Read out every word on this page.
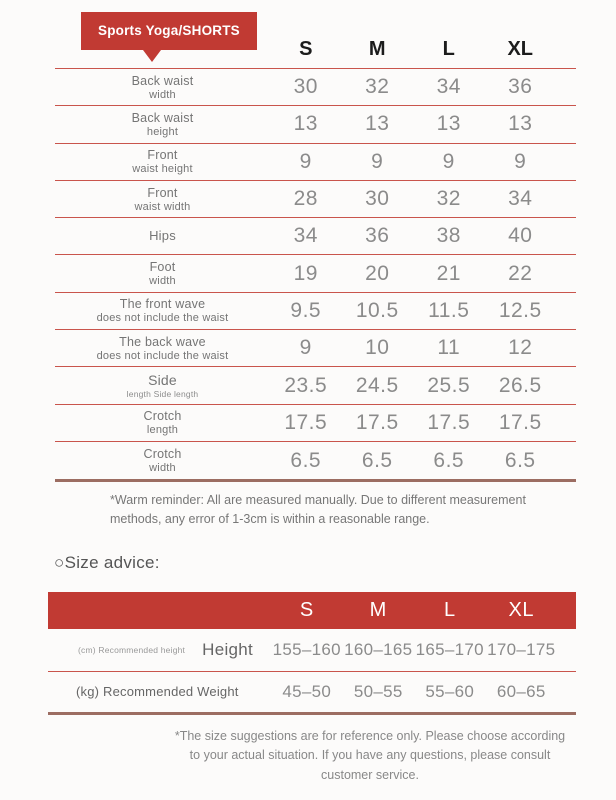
Sports Yoga/SHORTS
S	M	L	XL
Back waist
width	30	32	34	36
Back waist
height	13	13	13	13
Front
waist height	9	9	9	9
Front
waist width	28	30	32	34
Hips	34	36	38	40
Foot
width	19	20	21	22
The front wave
does not include the waist	9.5	10.5	11.5	12.5
The back wave
does not include the waist	9	10	11	12
Side
length Side length	23.5	24.5	25.5	26.5
Crotch
length	17.5	17.5	17.5	17.5
Crotch
width	6.5	6.5	6.5	6.5
*Warm reminder: All are measured manually. Due to different measurement methods, any error of 1-3cm is within a reasonable range.
○Size advice:
S	M	L	XL
(cm) Recommended height Height 155–160 160–165 165–170 170–175
(kg) Recommended Weight	45–50	50–55	55–60	60–65
*The size suggestions are for reference only. Please choose according to your actual situation. If you have any questions, please consult customer service.
